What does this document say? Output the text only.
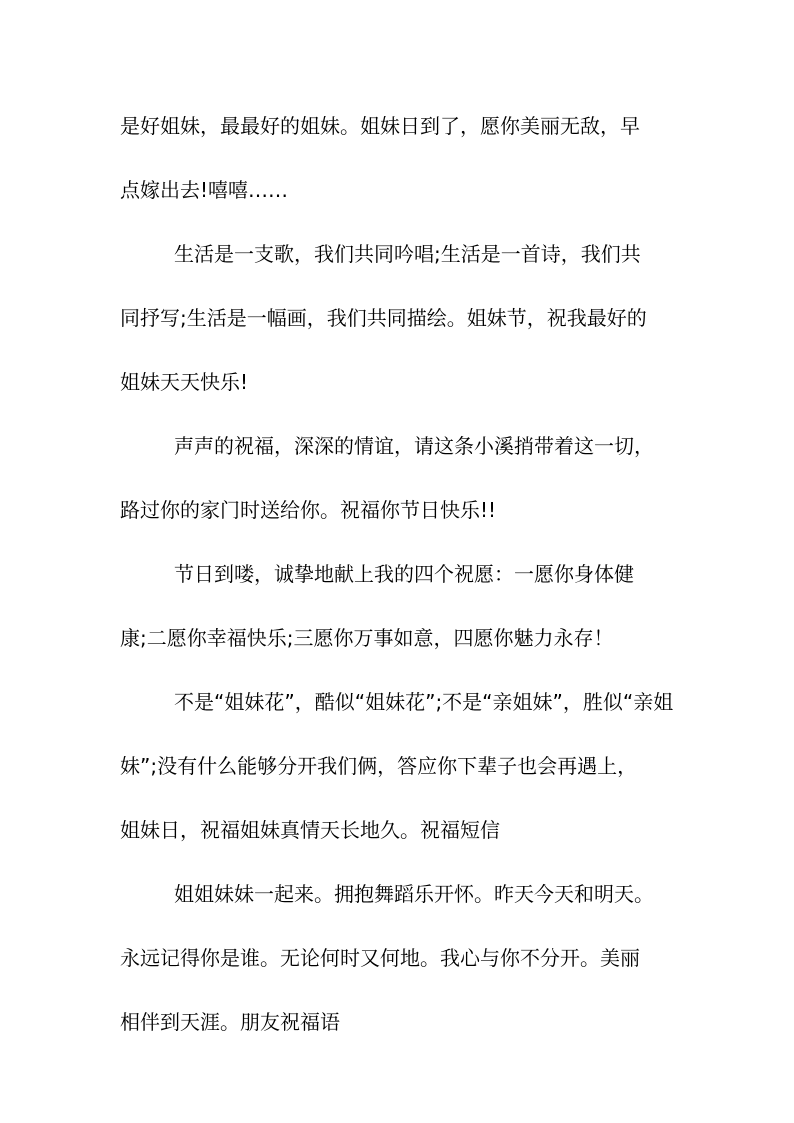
是好姐妹，最最好的姐妹。姐妹日到了，愿你美丽无敌，早
点嫁出去!嘻嘻……
生活是一支歌，我们共同吟唱;生活是一首诗，我们共
同抒写;生活是一幅画，我们共同描绘。姐妹节，祝我最好的
姐妹天天快乐!
声声的祝福，深深的情谊，请这条小溪捎带着这一切，
路过你的家门时送给你。祝福你节日快乐!!
节日到喽，诚挚地献上我的四个祝愿：一愿你身体健
康;二愿你幸福快乐;三愿你万事如意，四愿你魅力永存！
不是“姐妹花”，酷似“姐妹花”;不是“亲姐妹”，胜似“亲姐
妹”;没有什么能够分开我们俩，答应你下辈子也会再遇上，
姐妹日，祝福姐妹真情天长地久。祝福短信
姐姐妹妹一起来。拥抱舞蹈乐开怀。昨天今天和明天。
永远记得你是谁。无论何时又何地。我心与你不分开。美丽
相伴到天涯。朋友祝福语
